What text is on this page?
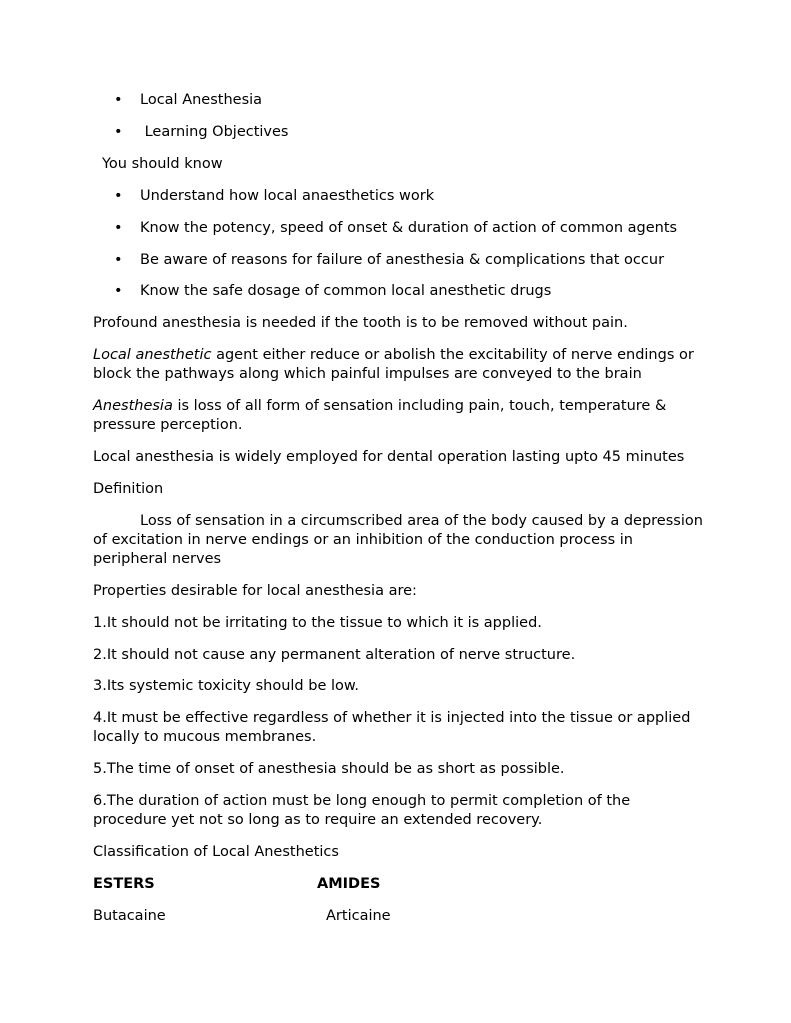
• Local Anesthesia
• Learning Objectives
You should know
• Understand how local anaesthetics work
• Know the potency, speed of onset & duration of action of common agents
• Be aware of reasons for failure of anesthesia & complications that occur
• Know the safe dosage of common local anesthetic drugs
Profound anesthesia is needed if the tooth is to be removed without pain.
Local anesthetic agent either reduce or abolish the excitability of nerve endings or block the pathways along which painful impulses are conveyed to the brain
Anesthesia is loss of all form of sensation including pain, touch, temperature & pressure perception.
Local anesthesia is widely employed for dental operation lasting upto 45 minutes
Definition
Loss of sensation in a circumscribed area of the body caused by a depression of excitation in nerve endings or an inhibition of the conduction process in peripheral nerves
Properties desirable for local anesthesia are:
1.It should not be irritating to the tissue to which it is applied.
2.It should not cause any permanent alteration of nerve structure.
3.Its systemic toxicity should be low.
4.It must be effective regardless of whether it is injected into the tissue or applied locally to mucous membranes.
5.The time of onset of anesthesia should be as short as possible.
6.The duration of action must be long enough to permit completion of the procedure yet not so long as to require an extended recovery.
Classification of Local Anesthetics
ESTERS	AMIDES
Butacaine	Articaine
